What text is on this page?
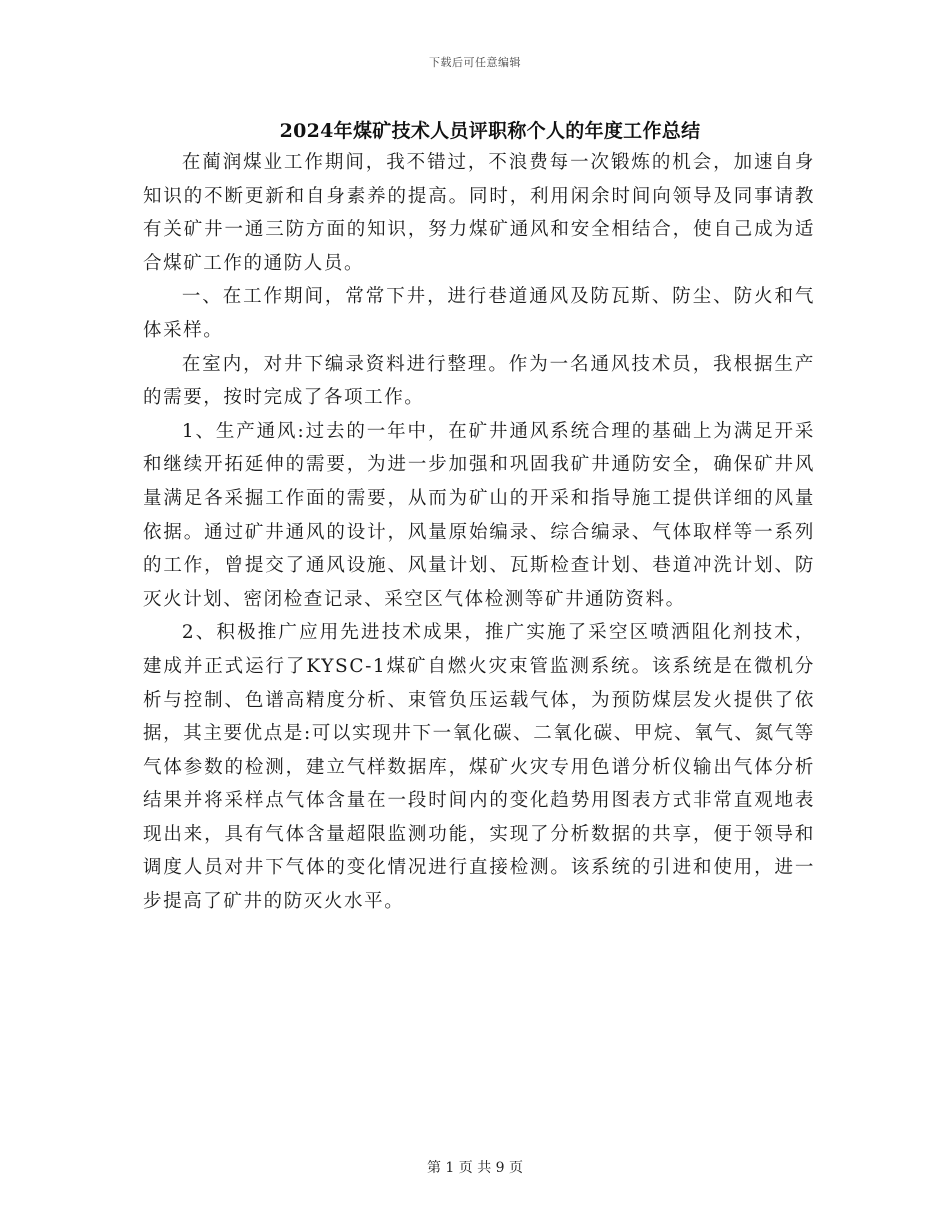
下载后可任意编辑
2024年煤矿技术人员评职称个人的年度工作总结

在蔺润煤业工作期间，我不错过，不浪费每一次锻炼的机会，加速自身知识的不断更新和自身素养的提高。同时，利用闲余时间向领导及同事请教有关矿井一通三防方面的知识，努力煤矿通风和安全相结合，使自己成为适合煤矿工作的通防人员。

一、在工作期间，常常下井，进行巷道通风及防瓦斯、防尘、防火和气体采样。

在室内，对井下编录资料进行整理。作为一名通风技术员，我根据生产的需要，按时完成了各项工作。

1、生产通风:过去的一年中，在矿井通风系统合理的基础上为满足开采和继续开拓延伸的需要，为进一步加强和巩固我矿井通防安全，确保矿井风量满足各采掘工作面的需要，从而为矿山的开采和指导施工提供详细的风量依据。通过矿井通风的设计，风量原始编录、综合编录、气体取样等一系列的工作，曾提交了通风设施、风量计划、瓦斯检查计划、巷道冲洗计划、防灭火计划、密闭检查记录、采空区气体检测等矿井通防资料。

2、积极推广应用先进技术成果，推广实施了采空区喷洒阻化剂技术，建成并正式运行了KYSC-1煤矿自燃火灾束管监测系统。该系统是在微机分析与控制、色谱高精度分析、束管负压运载气体，为预防煤层发火提供了依据，其主要优点是:可以实现井下一氧化碳、二氧化碳、甲烷、氧气、氮气等气体参数的检测，建立气样数据库，煤矿火灾专用色谱分析仪输出气体分析结果并将采样点气体含量在一段时间内的变化趋势用图表方式非常直观地表现出来，具有气体含量超限监测功能，实现了分析数据的共享，便于领导和调度人员对井下气体的变化情况进行直接检测。该系统的引进和使用，进一步提高了矿井的防灭火水平。

第 1 页 共 9 页
